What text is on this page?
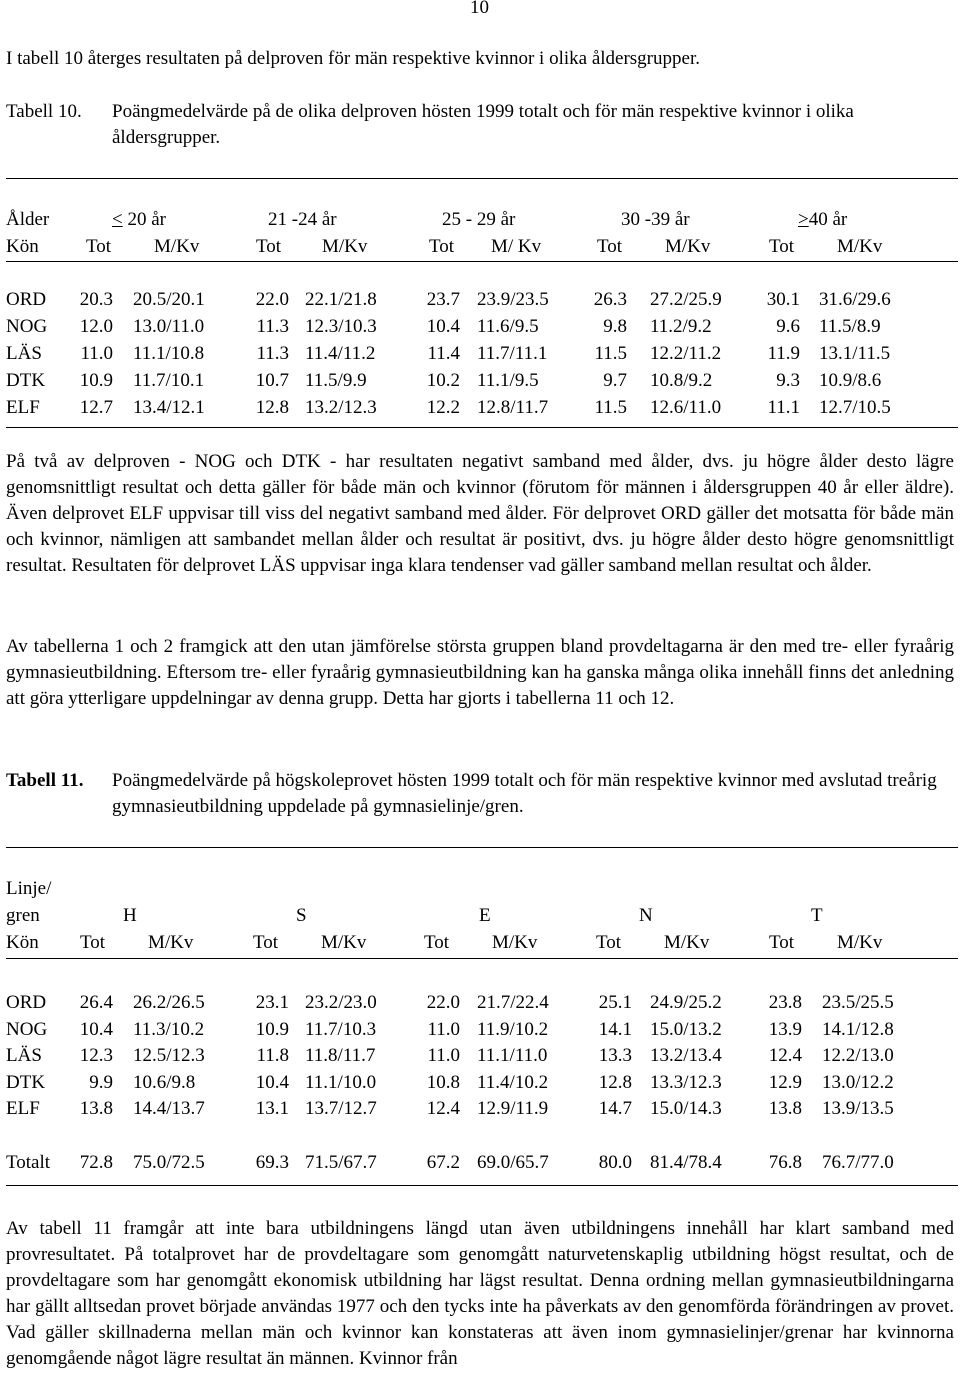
10

I tabell 10 återges resultaten på delproven för män respektive kvinnor i olika åldersgrupper.

Tabell 10. Poängmedelvärde på de olika delproven hösten 1999 totalt och för män respektive kvinnor i olika åldersgrupper.
Ålder	< 20 år	21 -24 år	25 - 29 år	30 -39 år	>40 år
Kön Tot M/Kv	Tot M/Kv	Tot M/ Kv	Tot M/Kv	Tot M/Kv
ORD	20.3 20.5/20.1	22.0 22.1/21.8	23.7 23.9/23.5	26.3 27.2/25.9	30.1 31.6/29.6
NOG	12.0 13.0/11.0	11.3 12.3/10.3	10.4 11.6/9.5	9.8 11.2/9.2	9.6 11.5/8.9
LÄS	11.0 11.1/10.8	11.3 11.4/11.2	11.4 11.7/11.1	11.5 12.2/11.2	11.9 13.1/11.5
DTK	10.9 11.7/10.1	10.7 11.5/9.9	10.2 11.1/9.5	9.7 10.8/9.2	9.3 10.9/8.6
ELF	12.7 13.4/12.1	12.8 13.2/12.3	12.2 12.8/11.7	11.5 12.6/11.0	11.1 12.7/10.5

På två av delproven - NOG och DTK - har resultaten negativt samband med ålder, dvs. ju högre ålder desto lägre genomsnittligt resultat och detta gäller för både män och kvinnor (förutom för männen i åldersgruppen 40 år eller äldre). Även delprovet ELF uppvisar till viss del negativt samband med ålder. För delprovet ORD gäller det motsatta för både män och kvinnor, nämligen att sambandet mellan ålder och resultat är positivt, dvs. ju högre ålder desto högre genomsnittligt resultat. Resultaten för delprovet LÄS uppvisar inga klara tendenser vad gäller samband mellan resultat och ålder.

Av tabellerna 1 och 2 framgick att den utan jämförelse största gruppen bland provdeltagarna är den med tre- eller fyraårig gymnasieutbildning. Eftersom tre- eller fyraårig gymnasieutbildning kan ha ganska många olika innehåll finns det anledning att göra ytterligare uppdelningar av denna grupp. Detta har gjorts i tabellerna 11 och 12.

Tabell 11. Poängmedelvärde på högskoleprovet hösten 1999 totalt och för män respektive kvinnor med avslutad treårig gymnasieutbildning uppdelade på gymnasielinje/gren.
Linje/
gren	H	S	E	N	T
Kön Tot M/Kv	Tot M/Kv	Tot M/Kv	Tot M/Kv	Tot M/Kv
ORD	26.4 26.2/26.5	23.1 23.2/23.0	22.0 21.7/22.4	25.1 24.9/25.2	23.8 23.5/25.5
NOG	10.4 11.3/10.2	10.9 11.7/10.3	11.0 11.9/10.2	14.1 15.0/13.2	13.9 14.1/12.8
LÄS	12.3 12.5/12.3	11.8 11.8/11.7	11.0 11.1/11.0	13.3 13.2/13.4	12.4 12.2/13.0
DTK	9.9 10.6/9.8	10.4 11.1/10.0	10.8 11.4/10.2	12.8 13.3/12.3	12.9 13.0/12.2
ELF	13.8 14.4/13.7	13.1 13.7/12.7	12.4 12.9/11.9	14.7 15.0/14.3	13.8 13.9/13.5
Totalt	72.8 75.0/72.5	69.3 71.5/67.7	67.2 69.0/65.7	80.0 81.4/78.4	76.8 76.7/77.0

Av tabell 11 framgår att inte bara utbildningens längd utan även utbildningens innehåll har klart samband med provresultatet. På totalprovet har de provdeltagare som genomgått naturvetenskaplig utbildning högst resultat, och de provdeltagare som har genomgått ekonomisk utbildning har lägst resultat. Denna ordning mellan gymnasieutbildningarna har gällt alltsedan provet började användas 1977 och den tycks inte ha påverkats av den genomförda förändringen av provet. Vad gäller skillnaderna mellan män och kvinnor kan konstateras att även inom gymnasielinjer/grenar har kvinnorna genomgående något lägre resultat än männen. Kvinnor från
